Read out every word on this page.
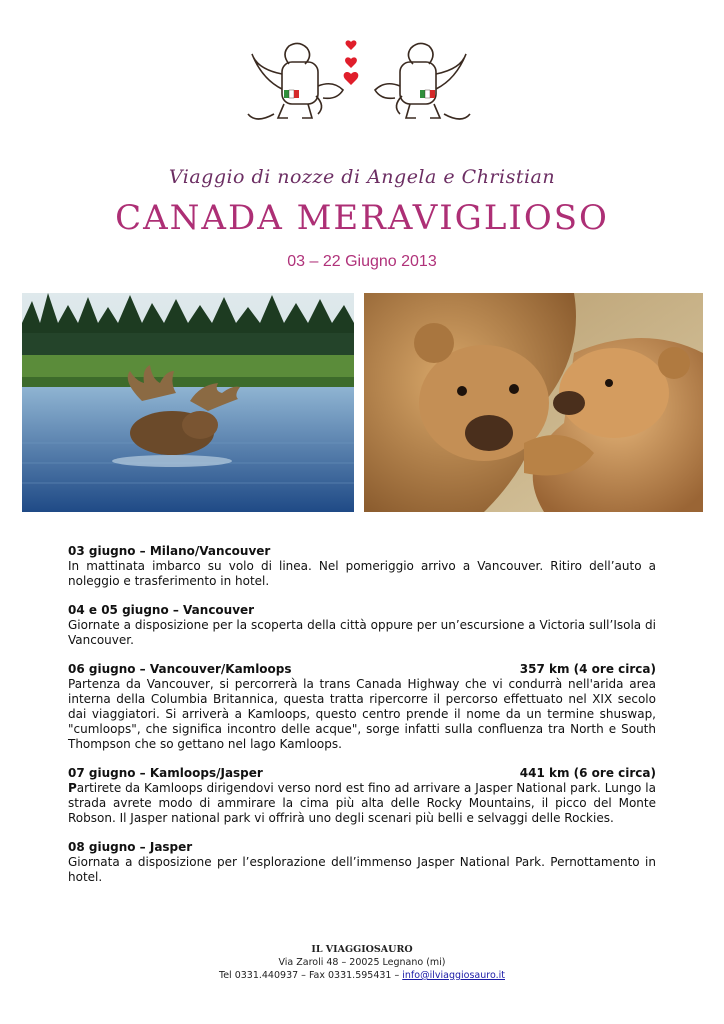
Viaggio di nozze di Angela e Christian
CANADA MERAVIGLIOSO
03 – 22 Giugno 2013
03 giugno – Milano/Vancouver
In mattinata imbarco su volo di linea. Nel pomeriggio arrivo a Vancouver. Ritiro dell’auto a noleggio e trasferimento in hotel.
04 e 05 giugno – Vancouver
Giornate a disposizione per la scoperta della città oppure per un’escursione a Victoria sull’Isola di Vancouver.
06 giugno – Vancouver/Kamloops	357 km (4 ore circa)
Partenza da Vancouver, si percorrerà la trans Canada Highway che vi condurrà nell'arida area interna della Columbia Britannica, questa tratta ripercorre il percorso effettuato nel XIX secolo dai viaggiatori. Si arriverà a Kamloops, questo centro prende il nome da un termine shuswap, "cumloops", che significa incontro delle acque", sorge infatti sulla confluenza tra North e South Thompson che so gettano nel lago Kamloops.
07 giugno – Kamloops/Jasper	441 km (6 ore circa)
Partirete da Kamloops dirigendovi verso nord est fino ad arrivare a Jasper National park. Lungo la strada avrete modo di ammirare la cima più alta delle Rocky Mountains, il picco del Monte Robson. Il Jasper national park vi offrirà uno degli scenari più belli e selvaggi delle Rockies.
08 giugno – Jasper
Giornata a disposizione per l’esplorazione dell’immenso Jasper National Park. Pernottamento in hotel.
IL VIAGGIOSAURO
Via Zaroli 48 – 20025 Legnano (mi)
Tel 0331.440937 – Fax 0331.595431 – info@ilviaggiosauro.it
